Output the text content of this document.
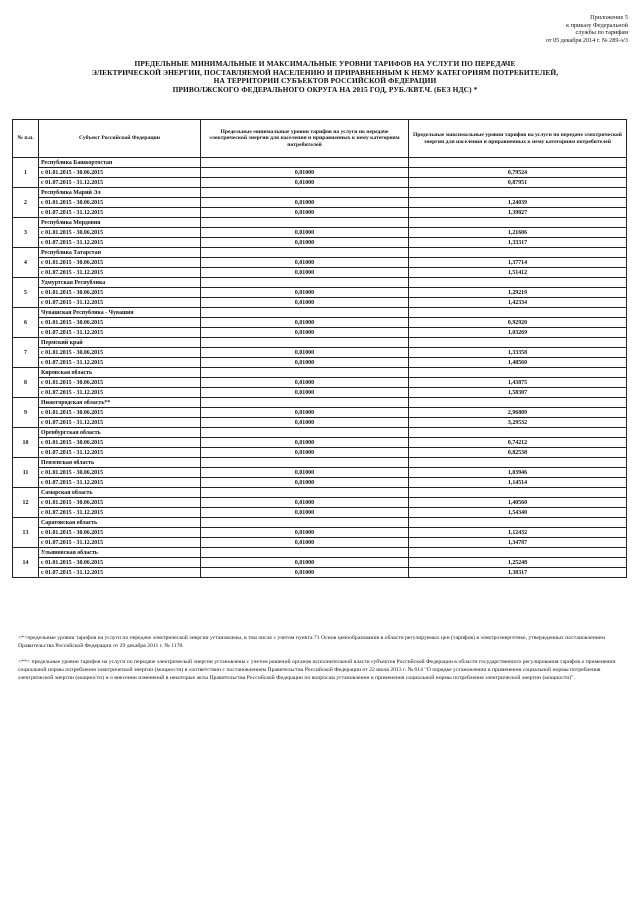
Приложение 5
к приказу Федеральной
службы по тарифам
от 05 декабря 2014 г. № 289-э/3
ПРЕДЕЛЬНЫЕ МИНИМАЛЬНЫЕ И МАКСИМАЛЬНЫЕ УРОВНИ ТАРИФОВ НА УСЛУГИ ПО ПЕРЕДАЧЕ
ЭЛЕКТРИЧЕСКОЙ ЭНЕРГИИ, ПОСТАВЛЯЕМОЙ НАСЕЛЕНИЮ И ПРИРАВНЕННЫМ К НЕМУ КАТЕГОРИЯМ ПОТРЕБИТЕЛЕЙ,
НА ТЕРРИТОРИИ СУБЪЕКТОВ РОССИЙСКОЙ ФЕДЕРАЦИИ
ПРИВОЛЖСКОГО ФЕДЕРАЛЬНОГО ОКРУГА НА 2015 ГОД, РУБ./КВТ.Ч. (БЕЗ НДС) *
№ п.п.	Субъект Российской Федерации	Предельные минимальные уровни тарифов на услуги по передаче электрической энергии для населения и приравненных к нему категориям потребителей	Предельные максимальные уровни тарифов на услуги по передаче электрической энергии для населения и приравненных к нему категориям потребителей
1	Республика Башкортостан		
	с 01.01.2015 - 30.06.2015	0,01000	0,79524
	с 01.07.2015 - 31.12.2015	0,01000	0,87951
2	Республика Марий Эл		
	с 01.01.2015 - 30.06.2015	0,01000	1,24039
	с 01.07.2015 - 31.12.2015	0,01000	1,39827
3	Республика Мордовия		
	с 01.01.2015 - 30.06.2015	0,01000	1,21606
	с 01.07.2015 - 31.12.2015	0,01000	1,33317
4	Республика Татарстан		
	с 01.01.2015 - 30.06.2015	0,01000	1,37714
	с 01.07.2015 - 31.12.2015	0,01000	1,51412
5	Удмуртская Республика		
	с 01.01.2015 - 30.06.2015	0,01000	1,29219
	с 01.07.2015 - 31.12.2015	0,01000	1,42334
6	Чувашская Республика - Чувашия		
	с 01.01.2015 - 30.06.2015	0,01000	0,92920
	с 01.07.2015 - 31.12.2015	0,01000	1,03269
7	Пермский край		
	с 01.01.2015 - 30.06.2015	0,01000	1,33358
	с 01.07.2015 - 31.12.2015	0,01000	1,48560
8	Кировская область		
	с 01.01.2015 - 30.06.2015	0,01000	1,43875
	с 01.07.2015 - 31.12.2015	0,01000	1,58307
9	Нижегородская область**		
	с 01.01.2015 - 30.06.2015	0,01000	2,96809
	с 01.07.2015 - 31.12.2015	0,01000	3,29532
10	Оренбургская область		
	с 01.01.2015 - 30.06.2015	0,01000	0,74212
	с 01.07.2015 - 31.12.2015	0,01000	0,82538
11	Пензенская область		
	с 01.01.2015 - 30.06.2015	0,01000	1,03946
	с 01.07.2015 - 31.12.2015	0,01000	1,14514
12	Самарская область		
	с 01.01.2015 - 30.06.2015	0,01000	1,40560
	с 01.07.2015 - 31.12.2015	0,01000	1,54340
13	Саратовская область		
	с 01.01.2015 - 30.06.2015	0,01000	1,12432
	с 01.07.2015 - 31.12.2015	0,01000	1,34787
14	Ульяновская область		
	с 01.01.2015 - 30.06.2015	0,01000	1,25248
	с 01.07.2015 - 31.12.2015	0,01000	1,38317

<*>предельные уровни тарифов на услуги по передаче электрической энергии установлены, в том числе с учетом пункта 71 Основ ценообразования в области регулируемых цен (тарифов) в электроэнергетике, утвержденных постановлением Правительства Российской Федерации от 29 декабря 2011 г. № 1178.

<**> предельные уровни тарифов на услуги по передаче электрической энергии установлены с учетом решений органов исполнительной власти субъектов Российской Федерации в области государственного регулирования тарифов о применении социальной нормы потребления электрической энергии (мощности) в соответствии с постановлением Правительства Российской Федерации от 22 июля 2013 г. № 614 "О порядке установления и применения социальной нормы потребления электрической энергии (мощности) и о внесении изменений в некоторые акты Правительства Российской Федерации по вопросам установления и применения социальной нормы потребления электрической энергии (мощности)".
